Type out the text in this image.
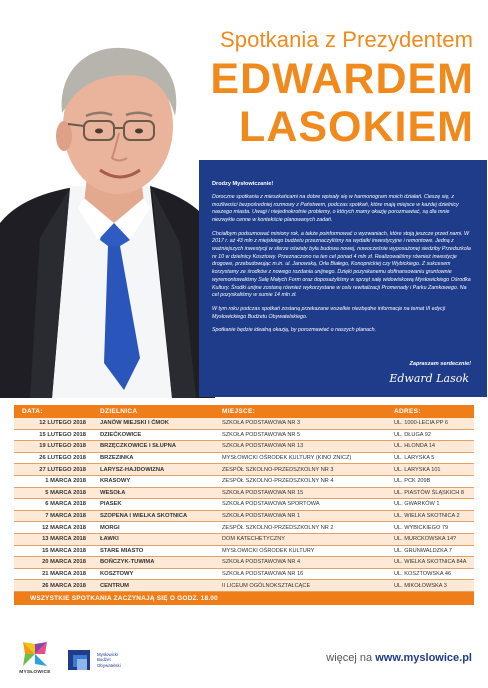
Spotkania z Prezydentem
EDWARDEM
LASOKIEM
Drodzy Mysłowiczanie!

Doroczne spotkania z mieszkańcami na dobre wpisały się w harmonogram moich działań. Cieszę się, z możliwości bezpośredniej rozmowy z Państwem, podczas spotkań, które mają miejsce w każdej dzielnicy naszego miasta. Uwagi i niejednokrotnie problemy, o których mamy okazję porozmawiać, są dla mnie niezwykle cenne w kontekście planowanych zadań.

Chciałbym podsumować miniony rok, a także poinformować o wyzwaniach, które stoją jeszcze przed nami. W 2017 r. aż 43 mln z miejskiego budżetu przeznaczyliśmy na wydatki inwestycyjne i remontowe. Jedną z ważniejszych inwestycji w sferze oświaty była budowa nowej, nowocześnie wyposażonej siedziby Przedszkola nr 10 w dzielnicy Kosztowy. Przeznaczono na ten cel ponad 4 mln zł. Realizowaliśmy również inwestycje drogowe, przebudowując m.in. ul. Janowską, Orła Białego, Konopnickiej czy Wybickiego. Z sukcesem korzystamy ze środków z nowego rozdania unijnego. Dzięki pozyskanemu dofinansowaniu gruntownie wyremontowaliśmy Salę Małych Form oraz doposażyliśmy w sprzęt salę widowiskową Mysłowickiego Ośrodka Kultury. Środki unijne zostaną również wykorzystane w celu rewitalizacji Promenady i Parku Zamkowego. Na cel pozyskaliśmy w sumie 14 mln zł.

W tym roku podczas spotkań zostaną przekazane wszelkie niezbędne informacje na temat III edycji Mysłowickiego Budżetu Obywatelskiego.

Spotkanie będzie idealną okazją, by porozmawiać o naszych planach.

Zapraszam serdecznie!
Edward Lasok
DATA:	DZIELNICA	MIEJSCE:	ADRES:
12 LUTEGO 2018	JANÓW MIEJSKI I ĆMOK	SZKOŁA PODSTAWOWA NR 3	UL. 1000-LECIA PP 6
15 LUTEGO 2018	DZIEĆKOWICE	SZKOŁA PODSTAWOWA NR 5	UL. DŁUGA 92
19 LUTEGO 2018	BRZĘCZKOWICE I SŁUPNA	SZKOŁA PODSTAWOWA NR 13	UL. HLONDA 14
26 LUTEGO 2018	BRZEZINKA	MYSŁOWICKI OŚRODEK KULTURY (KINO ZNICZ)	UL. LARYSKA 5
27 LUTEGO 2018	LARYSZ-HAJDOWIZNA	ZESPÓŁ SZKOLNO-PRZEDSZKOLNY NR 3	UL. LARYSKA 101
1 MARCA 2018	KRASOWY	ZESPÓŁ SZKOLNO-PRZEDSZKOLNY NR 4	UL. PCK 209B
5 MARCA 2018	WESOŁA	SZKOŁA PODSTAWOWA NR 15	UL. PIASTÓW ŚLĄSKICH 8
6 MARCA 2018	PIASEK	SZKOŁA PODSTAWOWA SPORTOWA	UL. GWARKÓW 1
7 MARCA 2018	SZOPENA I WIELKA SKOTNICA	SZKOŁA PODSTAWOWA NR 1	UL. WIELKA SKOTNICA 2
12 MARCA 2018	MORGI	ZESPÓŁ SZKOLNO-PRZEDSZKOLNY NR 2	UL. WYBICKIEGO 79
13 MARCA 2018	ŁAWKI	DOM KATECHETYCZNY	UL. MURCKOWSKA 14?
15 MARCA 2018	STARE MIASTO	MYSŁOWICKI OŚRODEK KULTURY	UL. GRUNWALDZKA 7
20 MARCA 2018	BOŃCZYK-TUWIMA	SZKOŁA PODSTAWOWA NR 4	UL. WIELKA SKOTNICA 84A
21 MARCA 2018	KOSZTOWY	SZKOŁA PODSTAWOWA NR 16	UL. KOSZTOWSKA 46
26 MARCA 2018	CENTRUM	II LICEUM OGÓLNOKSZTAŁCĄCE	UL. MIKOŁOWSKA 3
WSZYSTKIE SPOTKANIA ZACZYNAJĄ SIĘ O GODZ. 18.00
MYSŁOWICE
Mysłowicki
Budżet
Obywatelski
więcej na www.myslowice.pl
